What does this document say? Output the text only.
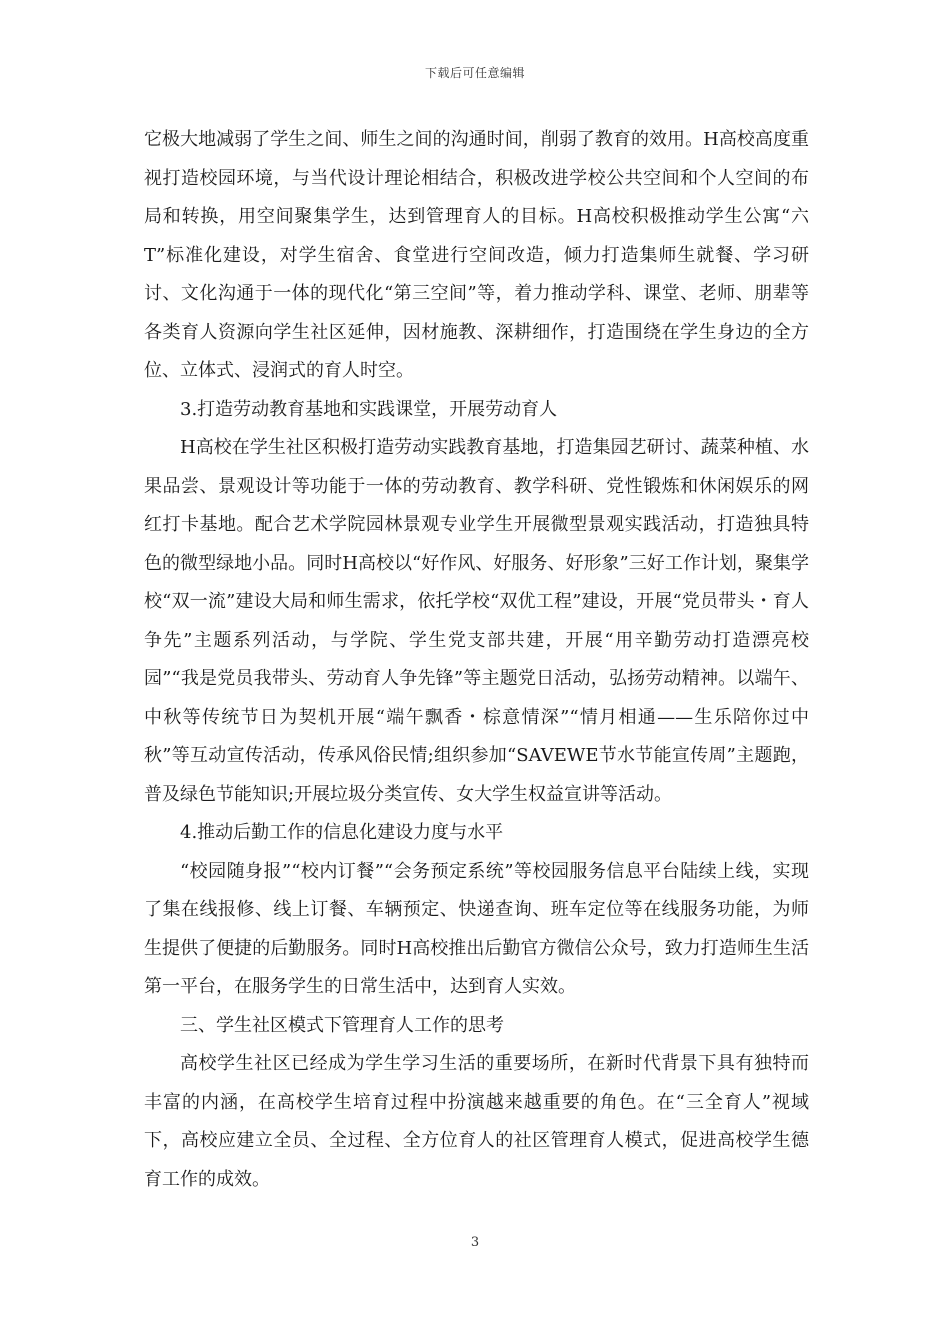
下载后可任意编辑

它极大地减弱了学生之间、师生之间的沟通时间，削弱了教育的效用。H高校高度重视打造校园环境，与当代设计理论相结合，积极改进学校公共空间和个人空间的布局和转换，用空间聚集学生，达到管理育人的目标。H高校积极推动学生公寓“六T”标准化建设，对学生宿舍、食堂进行空间改造，倾力打造集师生就餐、学习研讨、文化沟通于一体的现代化“第三空间”等，着力推动学科、课堂、老师、朋辈等各类育人资源向学生社区延伸，因材施教、深耕细作，打造围绕在学生身边的全方位、立体式、浸润式的育人时空。

3.打造劳动教育基地和实践课堂，开展劳动育人

H高校在学生社区积极打造劳动实践教育基地，打造集园艺研讨、蔬菜种植、水果品尝、景观设计等功能于一体的劳动教育、教学科研、党性锻炼和休闲娱乐的网红打卡基地。配合艺术学院园林景观专业学生开展微型景观实践活动，打造独具特色的微型绿地小品。同时H高校以“好作风、好服务、好形象”三好工作计划，聚集学校“双一流”建设大局和师生需求，依托学校“双优工程”建设，开展“党员带头・育人争先”主题系列活动，与学院、学生党支部共建，开展“用辛勤劳动打造漂亮校园”“我是党员我带头、劳动育人争先锋”等主题党日活动，弘扬劳动精神。以端午、中秋等传统节日为契机开展“端午飘香・棕意情深”“情月相通——生乐陪你过中秋”等互动宣传活动，传承风俗民情;组织参加“SAVEWE节水节能宣传周”主题跑，普及绿色节能知识;开展垃圾分类宣传、女大学生权益宣讲等活动。

4.推动后勤工作的信息化建设力度与水平

“校园随身报”“校内订餐”“会务预定系统”等校园服务信息平台陆续上线，实现了集在线报修、线上订餐、车辆预定、快递查询、班车定位等在线服务功能，为师生提供了便捷的后勤服务。同时H高校推出后勤官方微信公众号，致力打造师生生活第一平台，在服务学生的日常生活中，达到育人实效。

三、学生社区模式下管理育人工作的思考

高校学生社区已经成为学生学习生活的重要场所，在新时代背景下具有独特而丰富的内涵，在高校学生培育过程中扮演越来越重要的角色。在“三全育人”视域下，高校应建立全员、全过程、全方位育人的社区管理育人模式，促进高校学生德育工作的成效。

3
